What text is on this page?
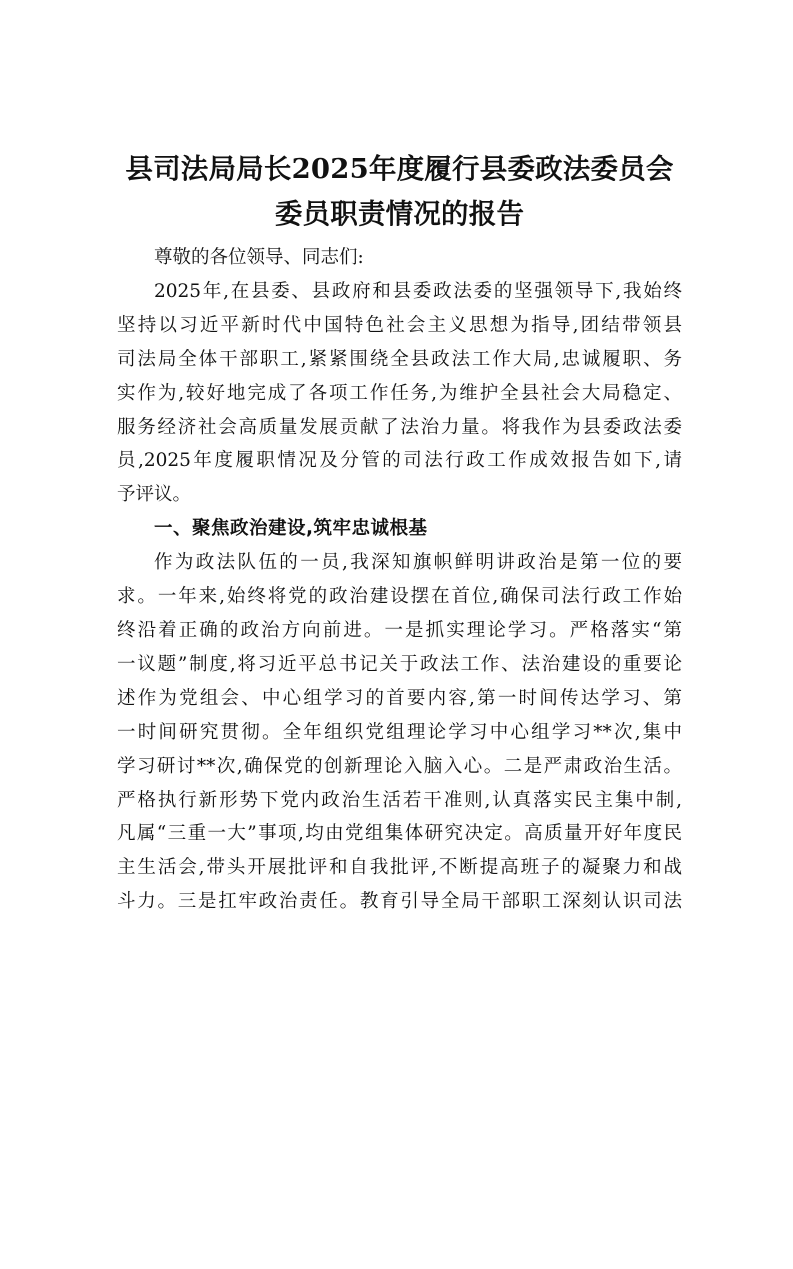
县司法局局长2025年度履行县委政法委员会
委员职责情况的报告
尊敬的各位领导、同志们:
2025年,在县委、县政府和县委政法委的坚强领导下,我始终
坚持以习近平新时代中国特色社会主义思想为指导,团结带领县
司法局全体干部职工,紧紧围绕全县政法工作大局,忠诚履职、务
实作为,较好地完成了各项工作任务,为维护全县社会大局稳定、
服务经济社会高质量发展贡献了法治力量。将我作为县委政法委
员,2025年度履职情况及分管的司法行政工作成效报告如下,请
予评议。
一、聚焦政治建设,筑牢忠诚根基
作为政法队伍的一员,我深知旗帜鲜明讲政治是第一位的要
求。一年来,始终将党的政治建设摆在首位,确保司法行政工作始
终沿着正确的政治方向前进。一是抓实理论学习。严格落实“第
一议题”制度,将习近平总书记关于政法工作、法治建设的重要论
述作为党组会、中心组学习的首要内容,第一时间传达学习、第
一时间研究贯彻。全年组织党组理论学习中心组学习**次,集中
学习研讨**次,确保党的创新理论入脑入心。二是严肃政治生活。
严格执行新形势下党内政治生活若干准则,认真落实民主集中制,
凡属“三重一大”事项,均由党组集体研究决定。高质量开好年度民
主生活会,带头开展批评和自我批评,不断提高班子的凝聚力和战
斗力。三是扛牢政治责任。教育引导全局干部职工深刻认识司法
